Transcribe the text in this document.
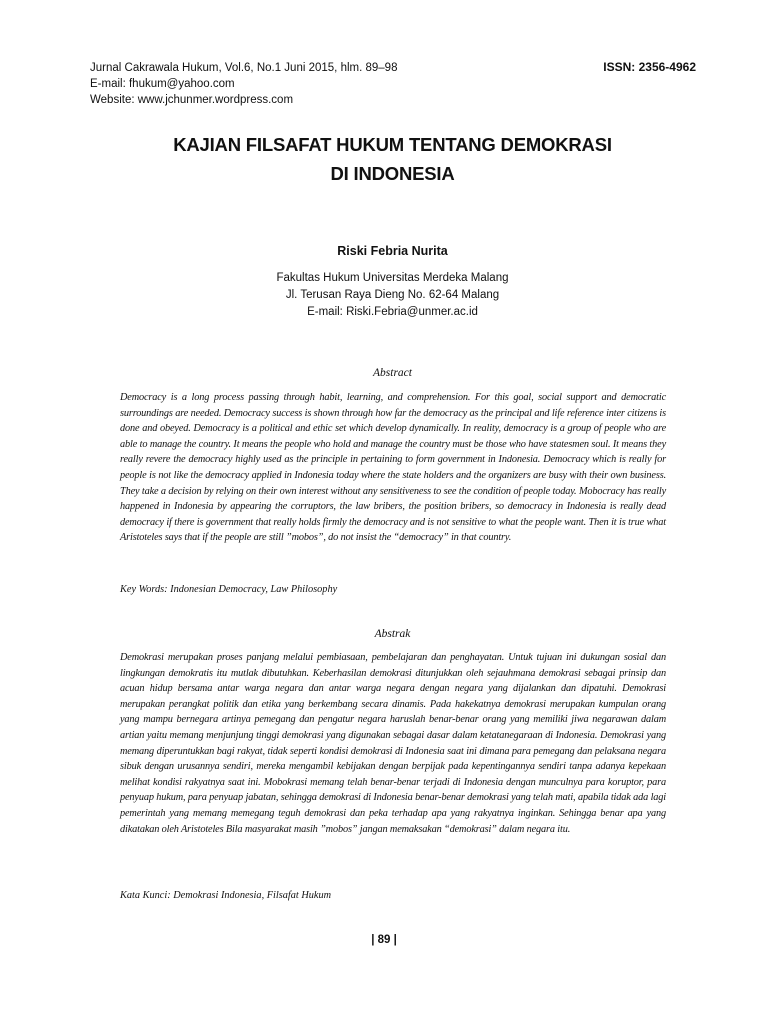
Jurnal Cakrawala Hukum, Vol.6, No.1 Juni 2015, hlm. 89–98
E-mail: fhukum@yahoo.com
Website: www.jchunmer.wordpress.com
ISSN: 2356-4962
KAJIAN FILSAFAT HUKUM TENTANG DEMOKRASI
DI INDONESIA
Riski Febria Nurita
Fakultas Hukum Universitas Merdeka Malang
Jl. Terusan Raya Dieng No. 62-64 Malang
E-mail: Riski.Febria@unmer.ac.id
Abstract
Democracy is a long process passing through habit, learning, and comprehension. For this goal, social support and democratic surroundings are needed. Democracy success is shown through how far the democracy as the principal and life reference inter citizens is done and obeyed. Democracy is a political and ethic set which develop dynamically. In reality, democracy is a group of people who are able to manage the country. It means the people who hold and manage the country must be those who have statesmen soul. It means they really revere the democracy highly used as the principle in pertaining to form government in Indonesia. Democracy which is really for people is not like the democracy applied in Indonesia today where the state holders and the organizers are busy with their own business. They take a decision by relying on their own interest without any sensitiveness to see the condition of people today. Mobocracy has really happened in Indonesia by appearing the corruptors, the law bribers, the position bribers, so democracy in Indonesia is really dead democracy if there is government that really holds firmly the democracy and is not sensitive to what the people want. Then it is true what Aristoteles says that if the people are still ”mobos”, do not insist the “democracy” in that country.
Key Words: Indonesian Democracy, Law Philosophy
Abstrak
Demokrasi merupakan proses panjang melalui pembiasaan, pembelajaran dan penghayatan. Untuk tujuan ini dukungan sosial dan lingkungan demokratis itu mutlak dibutuhkan. Keberhasilan demokrasi ditunjukkan oleh sejauhmana demokrasi sebagai prinsip dan acuan hidup bersama antar warga negara dan antar warga negara dengan negara yang dijalankan dan dipatuhi. Demokrasi merupakan perangkat politik dan etika yang berkembang secara dinamis. Pada hakekatnya demokrasi merupakan kumpulan orang yang mampu bernegara artinya pemegang dan pengatur negara haruslah benar-benar orang yang memiliki jiwa negarawan dalam artian yaitu memang menjunjung tinggi demokrasi yang digunakan sebagai dasar dalam ketatanegaraan di Indonesia. Demokrasi yang memang diperuntukkan bagi rakyat, tidak seperti kondisi demokrasi di Indonesia saat ini dimana para pemegang dan pelaksana negara sibuk dengan urusannya sendiri, mereka mengambil kebijakan dengan berpijak pada kepentingannya sendiri tanpa adanya kepekaan melihat kondisi rakyatnya saat ini. Mobokrasi memang telah benar-benar terjadi di Indonesia dengan munculnya para koruptor, para penyuap hukum, para penyuap jabatan, sehingga demokrasi di Indonesia benar-benar demokrasi yang telah mati, apabila tidak ada lagi pemerintah yang memang memegang teguh demokrasi dan peka terhadap apa yang rakyatnya inginkan. Sehingga benar apa yang dikatakan oleh Aristoteles Bila masyarakat masih ”mobos” jangan memaksakan “demokrasi” dalam negara itu.
Kata Kunci: Demokrasi Indonesia, Filsafat Hukum
| 89 |
